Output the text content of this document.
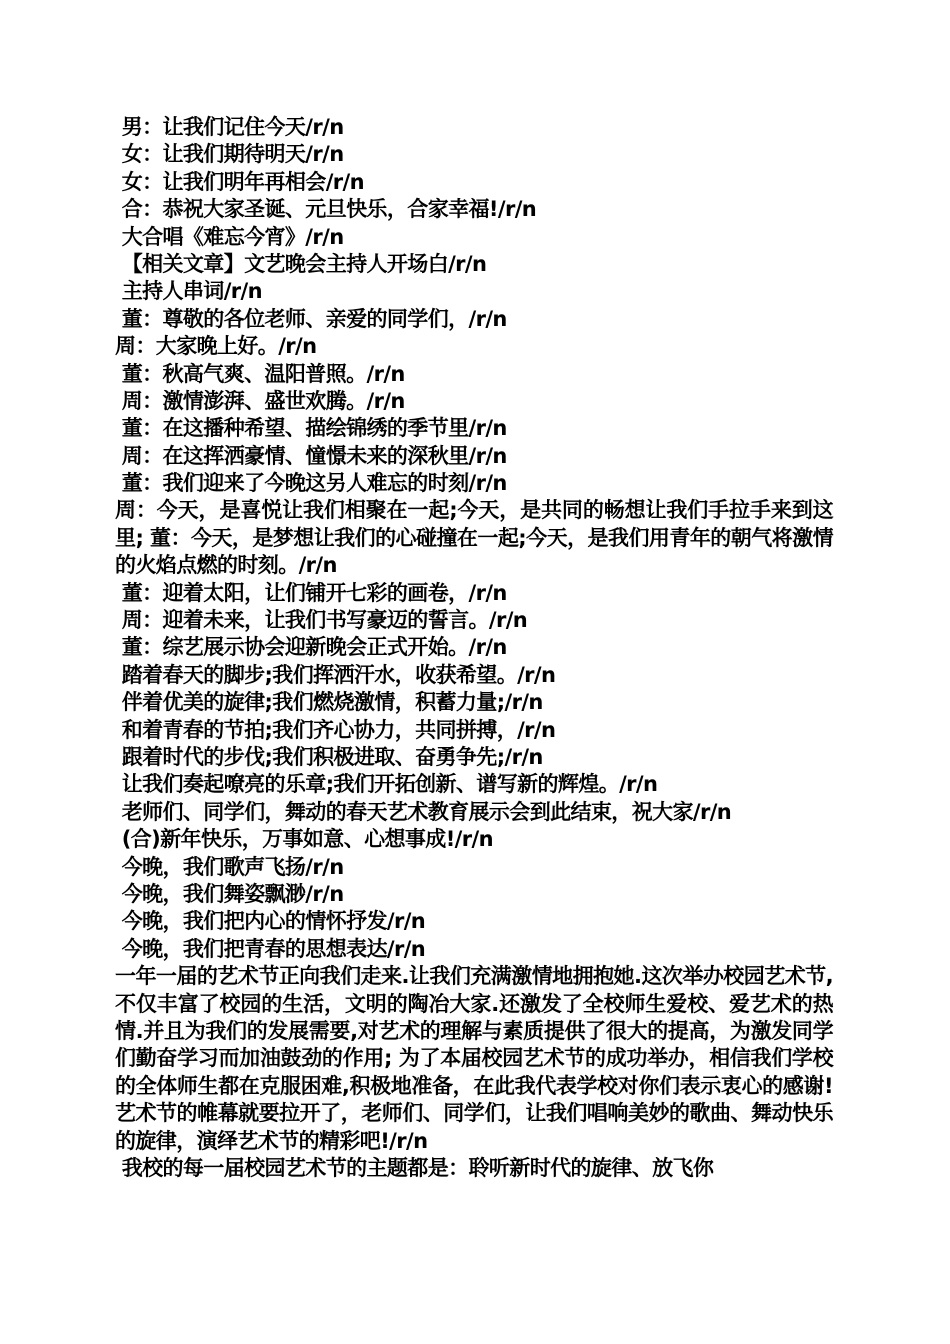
男：让我们记住今天/r/n
女：让我们期待明天/r/n
女：让我们明年再相会/r/n
合：恭祝大家圣诞、元旦快乐，合家幸福!/r/n
大合唱《难忘今宵》/r/n
【相关文章】文艺晚会主持人开场白/r/n
主持人串词/r/n
董：尊敬的各位老师、亲爱的同学们，/r/n
周：大家晚上好。/r/n
董：秋高气爽、温阳普照。/r/n
周：激情澎湃、盛世欢腾。/r/n
董：在这播种希望、描绘锦绣的季节里/r/n
周：在这挥洒豪情、憧憬未来的深秋里/r/n
董：我们迎来了今晚这另人难忘的时刻/r/n
周：今天，是喜悦让我们相聚在一起;今天，是共同的畅想让我们手拉手来到这里; 董：今天，是梦想让我们的心碰撞在一起;今天，是我们用青年的朝气将激情的火焰点燃的时刻。/r/n
董：迎着太阳，让们铺开七彩的画卷，/r/n
周：迎着未来，让我们书写豪迈的誓言。/r/n
董：综艺展示协会迎新晚会正式开始。/r/n
踏着春天的脚步;我们挥洒汗水，收获希望。/r/n
伴着优美的旋律;我们燃烧激情，积蓄力量;/r/n
和着青春的节拍;我们齐心协力，共同拼搏，/r/n
跟着时代的步伐;我们积极进取、奋勇争先;/r/n
让我们奏起嘹亮的乐章;我们开拓创新、谱写新的辉煌。/r/n
老师们、同学们，舞动的春天艺术教育展示会到此结束，祝大家/r/n
(合)新年快乐，万事如意、心想事成!/r/n
今晚，我们歌声飞扬/r/n
今晚，我们舞姿飘渺/r/n
今晚，我们把内心的情怀抒发/r/n
今晚，我们把青春的思想表达/r/n
一年一届的艺术节正向我们走来.让我们充满激情地拥抱她.这次举办校园艺术节,不仅丰富了校园的生活，文明的陶冶大家.还激发了全校师生爱校、爱艺术的热情.并且为我们的发展需要,对艺术的理解与素质提供了很大的提高，为激发同学们勤奋学习而加油鼓劲的作用; 为了本届校园艺术节的成功举办，相信我们学校的全体师生都在克服困难,积极地准备，在此我代表学校对你们表示衷心的感谢!艺术节的帷幕就要拉开了，老师们、同学们，让我们唱响美妙的歌曲、舞动快乐的旋律，演绎艺术节的精彩吧!/r/n
我校的每一届校园艺术节的主题都是：聆听新时代的旋律、放飞你
